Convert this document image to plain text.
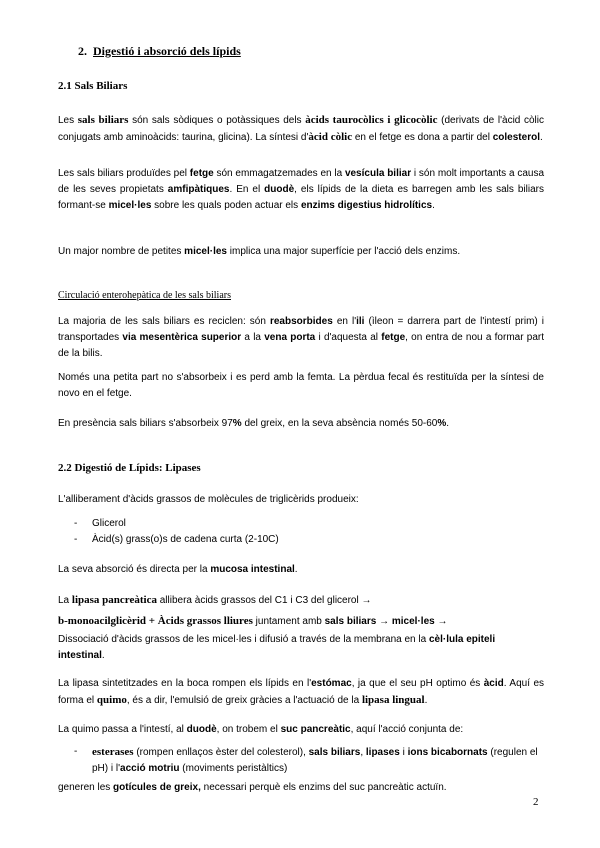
2. Digestió i absorció dels lípids
2.1 Sals Biliars

Les sals biliars són sals sòdiques o potàssiques dels àcids taurocòlics i glicocòlic (derivats de l'àcid còlic conjugats amb aminoàcids: taurina, glicina). La síntesi d'àcid còlic en el fetge es dona a partir del colesterol.

Les sals biliars produïdes pel fetge són emmagatzemades en la vesícula biliar i són molt importants a causa de les seves propietats amfipàtiques. En el duodè, els lípids de la dieta es barregen amb les sals biliars formant-se micel·les sobre les quals poden actuar els enzims digestius hidrolítics.

Un major nombre de petites micel·les implica una major superfície per l'acció dels enzims.

Circulació enterohepàtica de les sals biliars

La majoria de les sals biliars es reciclen: són reabsorbides en l'ili (ìleon = darrera part de l'intestí prim) i transportades via mesentèrica superior a la vena porta i d'aquesta al fetge, on entra de nou a formar part de la bilis.

Només una petita part no s'absorbeix i es perd amb la femta. La pèrdua fecal és restituïda per la síntesi de novo en el fetge.

En presència sals biliars s'absorbeix 97% del greix, en la seva absència només 50-60%.

2.2 Digestió de Lípids: Lipases

L'alliberament d'àcids grassos de molècules de triglicèrids produeix:

- Glicerol
- Àcid(s) grass(o)s de cadena curta (2-10C)

La seva absorció és directa per la mucosa intestinal.

La lipasa pancreàtica allibera àcids grassos del C1 i C3 del glicerol →
b-monoacilglicèrid + Àcids grassos lliures juntament amb sals biliars → micel·les →

Dissociació d'àcids grassos de les micel·les i difusió a través de la membrana en la cèl·lula epiteli intestinal.

La lipasa sintetitzades en la boca rompen els lípids en l'estómac, ja que el seu pH optimo és àcid. Aquí es forma el quimo, és a dir, l'emulsió de greix gràcies a l'actuació de la lipasa lingual.

La quimo passa a l'intestí, al duodè, on trobem el suc pancreàtic, aquí l'acció conjunta de:

- esterases (rompen enllaços èster del colesterol), sals biliars, lipases i ions bicabornats (regulen el pH) i l'acció motriu (moviments peristàltics)

generen les gotícules de greix, necessari perquè els enzims del suc pancreàtic actuïn.

2
